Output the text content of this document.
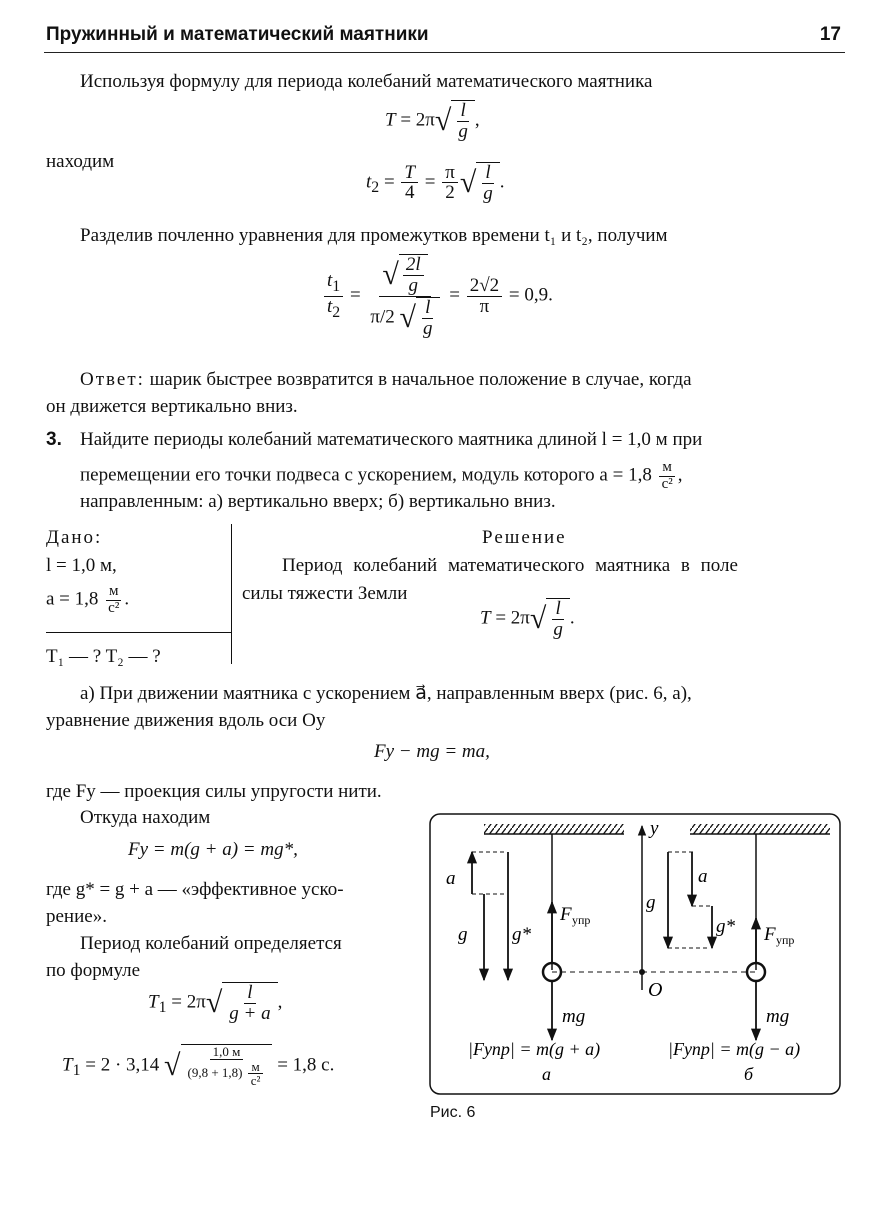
Пружинный и математический маятники	17
Используя формулу для периода колебаний математического маятника
$T = 2\pi√ \frac{l}{g}$ ,
находим
$t_2 = \frac{T}{4} = \frac{\pi}{2}$ √ $\frac{l}{g}$ .
Разделив почленно уравнения для промежутков времени t₁ и t₂, получим
$\frac{t_1}{t_2} = \frac{√ \frac{2l}{g}}{\pi/2 √ \frac{l}{g}} = \frac{2√2}{\pi} = 0,9$.
Ответ: шарик быстрее возвратится в начальное положение в случае, когда
он движется вертикально вниз.
3. Найдите периоды колебаний математического маятника длиной l = 1,0 м при
перемещении его точки подвеса с ускорением, модуль которого $a = 1,8 \frac{м}{\text{с²}}$ ,
направленным: а) вертикально вверх; б) вертикально вниз.
Дано:
l = 1,0 м,
$a = 1,8 \frac{м}{\text{с²}}$ .
T₁ — ? T₂ — ?
Решение
Период колебаний математического маятника в поле
силы тяжести Земли
$T = 2\pi√ \frac{l}{g}$ .
а) При движении маятника с ускорением a⃗, направленным вверх (рис. 6, а),
уравнение движения вдоль оси Oy
Fy − mg = ma,
где Fy — проекция силы упругости нити.
Откуда находим
Fy = m(g + a) = mg*,
где g* = g + a — «эффективное уско-
рение».
Период колебаний определяется
по формуле
$T_1 = 2\pi√ \frac{l}{g + a}$ ,
$T_1 = 2 \cdot 3,14$ √ $\frac{1,0 м}{(9,8 + 1,8) \frac{м}{\text{с²}}} = 1,8$ с.
a
g g*
F упр
mg
y
O
g
a
g* F упр
mg
|Fупр| = m(g + a)	|Fупр| = m(g − a)
а	б
Рис. 6
